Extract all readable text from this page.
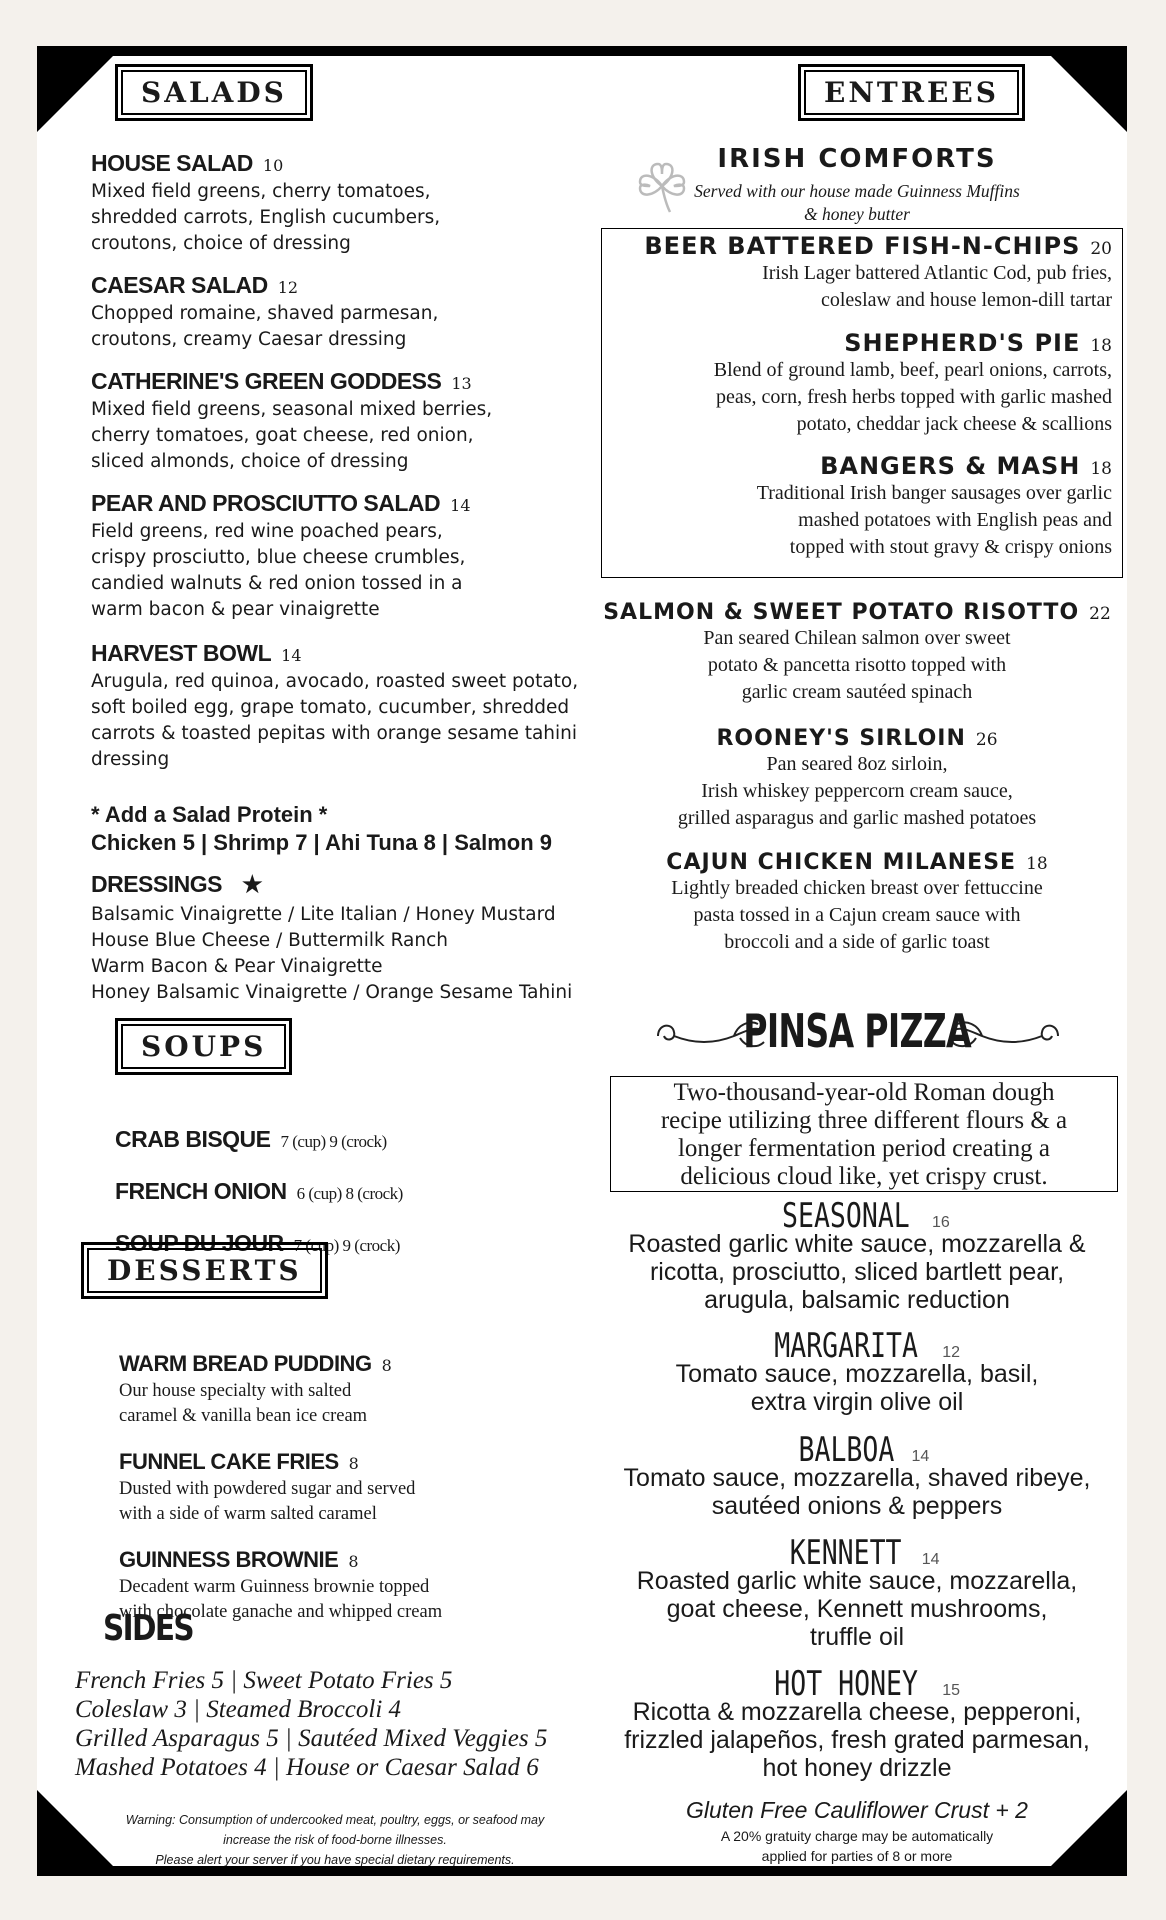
SALADS
HOUSE SALAD 10
Mixed field greens, cherry tomatoes,
shredded carrots, English cucumbers,
croutons, choice of dressing
CAESAR SALAD 12
Chopped romaine, shaved parmesan,
croutons, creamy Caesar dressing
CATHERINE'S GREEN GODDESS 13
Mixed field greens, seasonal mixed berries,
cherry tomatoes, goat cheese, red onion,
sliced almonds, choice of dressing
PEAR AND PROSCIUTTO SALAD 14
Field greens, red wine poached pears,
crispy prosciutto, blue cheese crumbles,
candied walnuts & red onion tossed in a
warm bacon & pear vinaigrette
HARVEST BOWL 14
Arugula, red quinoa, avocado, roasted sweet potato,
soft boiled egg, grape tomato, cucumber, shredded
carrots & toasted pepitas with orange sesame tahini
dressing
* Add a Salad Protein *
Chicken 5 | Shrimp 7 | Ahi Tuna 8 | Salmon 9
DRESSINGS ★
Balsamic Vinaigrette / Lite Italian / Honey Mustard
House Blue Cheese / Buttermilk Ranch
Warm Bacon & Pear Vinaigrette
Honey Balsamic Vinaigrette / Orange Sesame Tahini
SOUPS
CRAB BISQUE 7 (cup) 9 (crock)
FRENCH ONION 6 (cup) 8 (crock)
SOUP DU JOUR 7 (cup) 9 (crock)
DESSERTS
WARM BREAD PUDDING 8
Our house specialty with salted
caramel & vanilla bean ice cream
FUNNEL CAKE FRIES 8
Dusted with powdered sugar and served
with a side of warm salted caramel
GUINNESS BROWNIE 8
Decadent warm Guinness brownie topped
with chocolate ganache and whipped cream
SIDES
French Fries 5 | Sweet Potato Fries 5
Coleslaw 3 | Steamed Broccoli 4
Grilled Asparagus 5 | Sautéed Mixed Veggies 5
Mashed Potatoes 4 | House or Caesar Salad 6
Warning: Consumption of undercooked meat, poultry, eggs, or seafood may
increase the risk of food-borne illnesses.
Please alert your server if you have special dietary requirements.
ENTREES
IRISH COMFORTS
Served with our house made Guinness Muffins
& honey butter
BEER BATTERED FISH-N-CHIPS 20
Irish Lager battered Atlantic Cod, pub fries,
coleslaw and house lemon-dill tartar
SHEPHERD'S PIE 18
Blend of ground lamb, beef, pearl onions, carrots,
peas, corn, fresh herbs topped with garlic mashed
potato, cheddar jack cheese & scallions
BANGERS & MASH 18
Traditional Irish banger sausages over garlic
mashed potatoes with English peas and
topped with stout gravy & crispy onions
SALMON & SWEET POTATO RISOTTO 22
Pan seared Chilean salmon over sweet
potato & pancetta risotto topped with
garlic cream sautéed spinach
ROONEY'S SIRLOIN 26
Pan seared 8oz sirloin,
Irish whiskey peppercorn cream sauce,
grilled asparagus and garlic mashed potatoes
CAJUN CHICKEN MILANESE 18
Lightly breaded chicken breast over fettuccine
pasta tossed in a Cajun cream sauce with
broccoli and a side of garlic toast
PINSA PIZZA
Two-thousand-year-old Roman dough
recipe utilizing three different flours & a
longer fermentation period creating a
delicious cloud like, yet crispy crust.
SEASONAL 16
Roasted garlic white sauce, mozzarella &
ricotta, prosciutto, sliced bartlett pear,
arugula, balsamic reduction
MARGARITA 12
Tomato sauce, mozzarella, basil,
extra virgin olive oil
BALBOA 14
Tomato sauce, mozzarella, shaved ribeye,
sautéed onions & peppers
KENNETT 14
Roasted garlic white sauce, mozzarella,
goat cheese, Kennett mushrooms,
truffle oil
HOT HONEY 15
Ricotta & mozzarella cheese, pepperoni,
frizzled jalapeños, fresh grated parmesan,
hot honey drizzle
Gluten Free Cauliflower Crust + 2
A 20% gratuity charge may be automatically
applied for parties of 8 or more
